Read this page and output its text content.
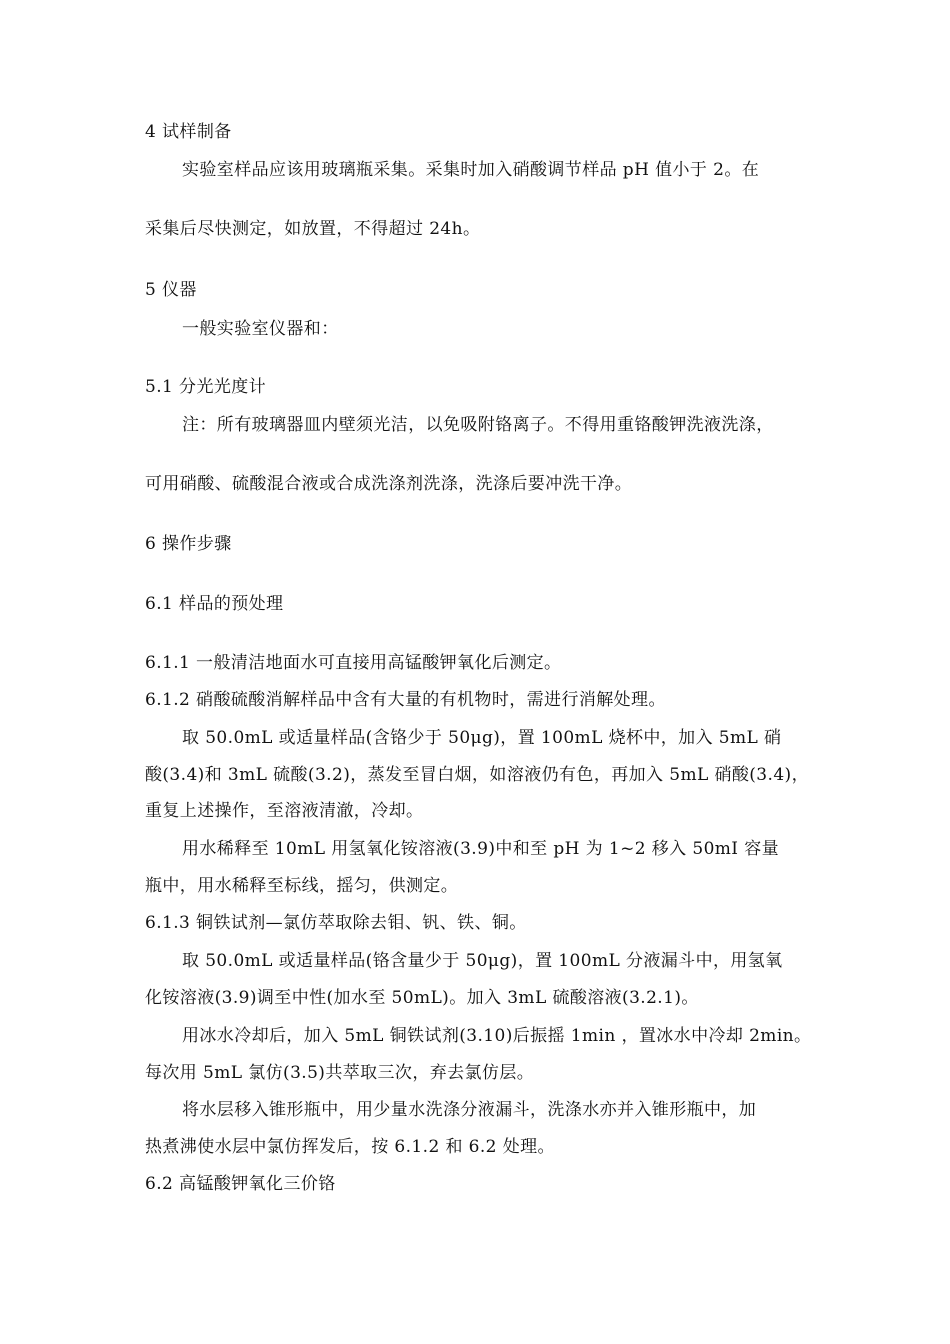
4 试样制备
实验室样品应该用玻璃瓶采集。采集时加入硝酸调节样品 pH 值小于 2。在
采集后尽快测定，如放置，不得超过 24h。
5 仪器
一般实验室仪器和：
5.1 分光光度计
注：所有玻璃器皿内壁须光洁，以免吸附铬离子。不得用重铬酸钾洗液洗涤，
可用硝酸、硫酸混合液或合成洗涤剂洗涤，洗涤后要冲洗干净。
6 操作步骤
6.1 样品的预处理
6.1.1 一般清洁地面水可直接用高锰酸钾氧化后测定。
6.1.2 硝酸硫酸消解样品中含有大量的有机物时，需进行消解处理。
取 50.0mL 或适量样品(含铬少于 50μg)，置 100mL 烧杯中，加入 5mL 硝
酸(3.4)和 3mL 硫酸(3.2)，蒸发至冒白烟，如溶液仍有色，再加入 5mL 硝酸(3.4)，
重复上述操作，至溶液清澈，冷却。
用水稀释至 10mL 用氢氧化铵溶液(3.9)中和至 pH 为 1~2 移入 50mI 容量
瓶中，用水稀释至标线，摇匀，供测定。
6.1.3 铜铁试剂—氯仿萃取除去钼、钒、铁、铜。
取 50.0mL 或适量样品(铬含量少于 50μg)，置 100mL 分液漏斗中，用氢氧
化铵溶液(3.9)调至中性(加水至 50mL)。加入 3mL 硫酸溶液(3.2.1)。
用冰水冷却后，加入 5mL 铜铁试剂(3.10)后振摇 1min ，置冰水中冷却 2min。
每次用 5mL 氯仿(3.5)共萃取三次，弃去氯仿层。
将水层移入锥形瓶中，用少量水洗涤分液漏斗，洗涤水亦并入锥形瓶中，加
热煮沸使水层中氯仿挥发后，按 6.1.2 和 6.2 处理。
6.2 高锰酸钾氧化三价铬
